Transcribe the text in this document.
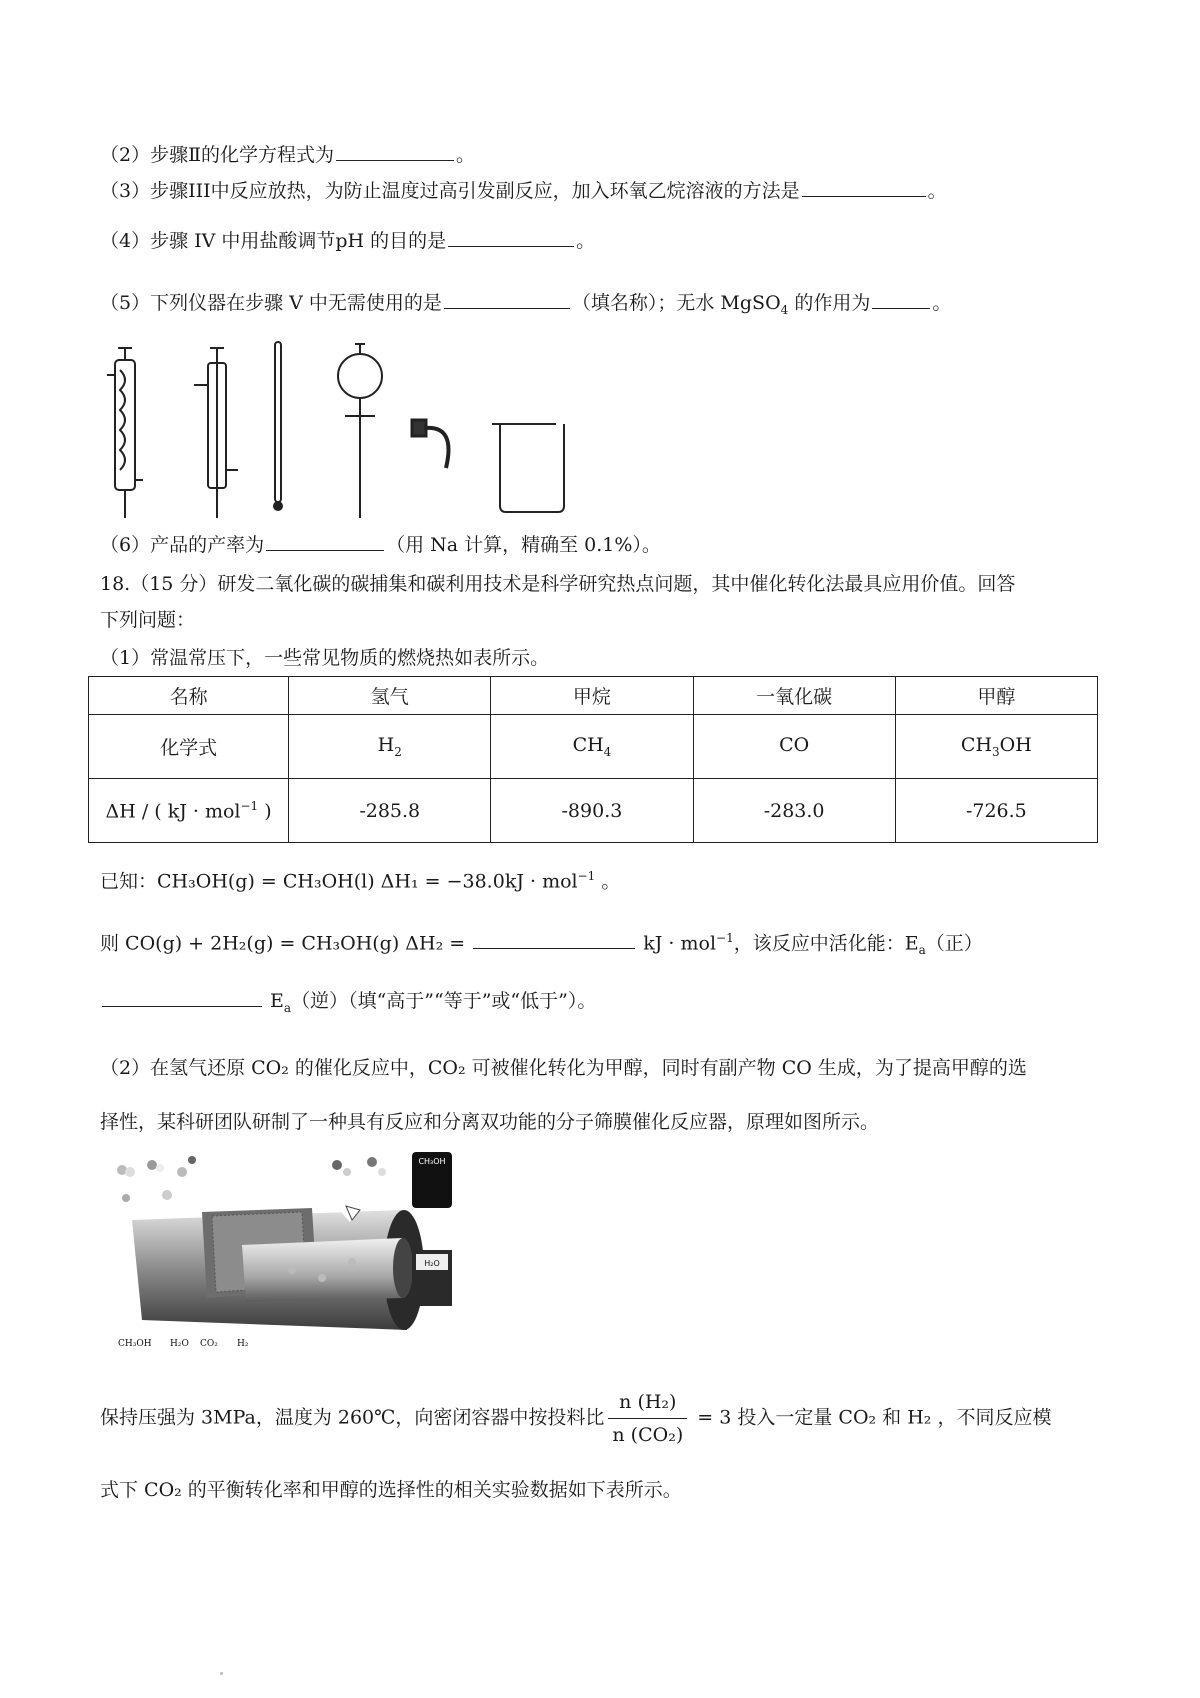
（2）步骤Ⅱ的化学方程式为	。
（3）步骤III中反应放热，为防止温度过高引发副反应，加入环氧乙烷溶液的方法是	。
（4）步骤 IV 中用盐酸调节pH 的目的是	。
（5）下列仪器在步骤 V 中无需使用的是	（填名称）；无水 MgSO$_4$ 的作用为	。
（6）产品的产率为	（用 Na 计算，精确至 0.1%）。
18.（15 分）研发二氧化碳的碳捕集和碳利用技术是科学研究热点问题，其中催化转化法最具应用价值。回答
下列问题：
（1）常温常压下，一些常见物质的燃烧热如表所示。
名称	氢气	甲烷	一氧化碳	甲醇
化学式	$H_2$	$CH_4$	CO	$CH_3OH$
ΔH / ( kJ · mol$^{-1}$ )	-285.8	-890.3	-283.0	-726.5
已知：CH₃OH(g) = CH₃OH(l) ΔH₁ = −38.0kJ · mol$^{-1}$ 。
则 CO(g) + 2H₂(g) = CH₃OH(g) ΔH₂ =	kJ · mol$^{-1}$，该反应中活化能：$E_a$（正）
$E_a$（逆）（填“高于”“等于”或“低于”）。
（2）在氢气还原 CO₂ 的催化反应中，CO₂ 可被催化转化为甲醇，同时有副产物 CO 生成，为了提高甲醇的选
择性，某科研团队研制了一种具有反应和分离双功能的分子筛膜催化反应器，原理如图所示。
CH₃OH
H₂O
CH₃OH H₂O CO₂ H₂
保持压强为 3MPa，温度为 260℃，向密闭容器中按投料比 $\frac{\text{n (H₂)}}{\text{n (CO₂)}} = 3$ 投入一定量 CO₂ 和 H₂ ，不同反应模
式下 CO₂ 的平衡转化率和甲醇的选择性的相关实验数据如下表所示。
